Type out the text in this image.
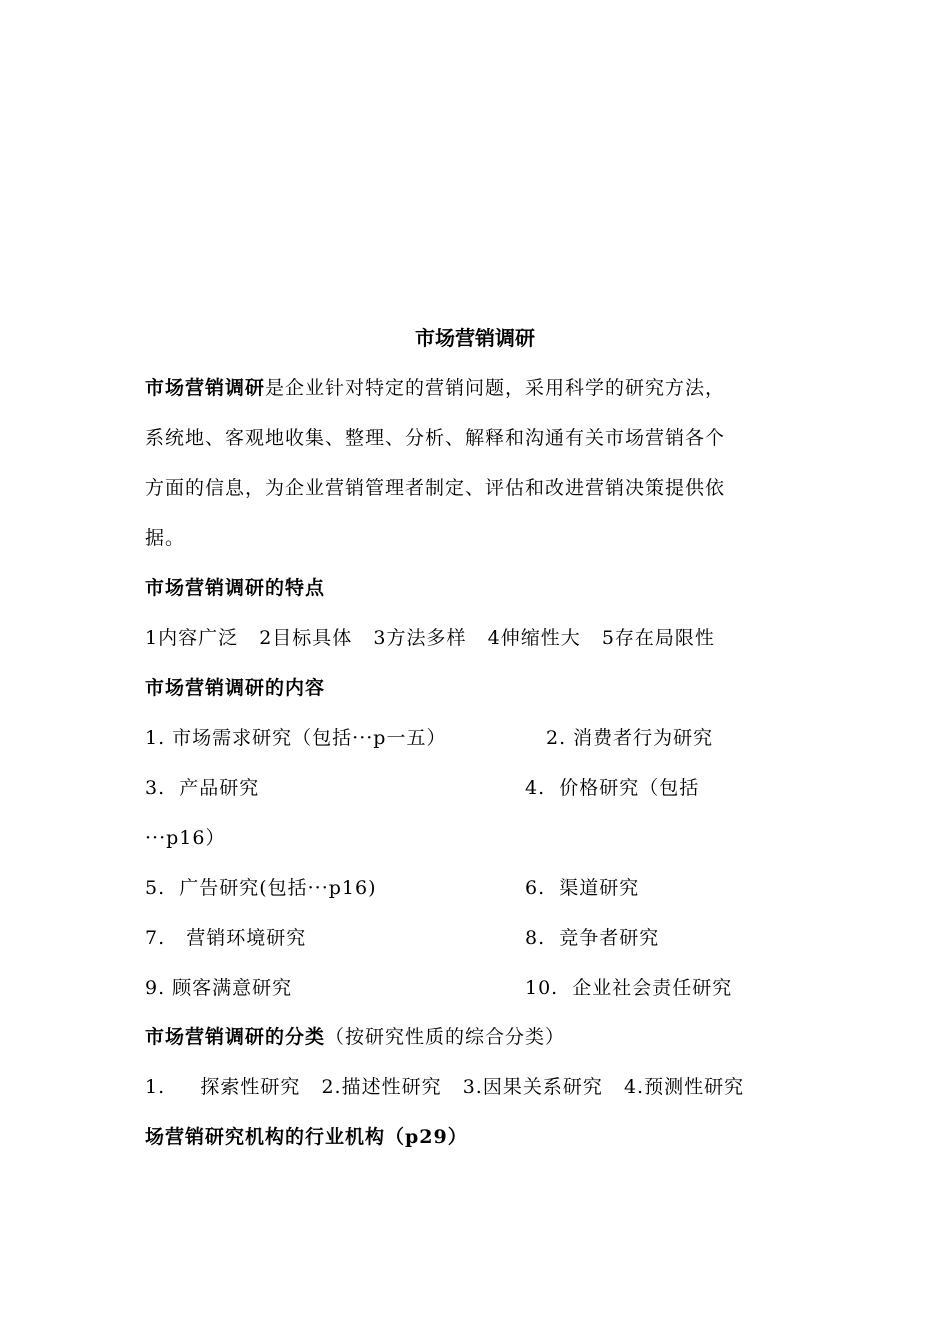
市场营销调研
市场营销调研是企业针对特定的营销问题，采用科学的研究方法，
系统地、客观地收集、整理、分析、解释和沟通有关市场营销各个
方面的信息，为企业营销管理者制定、评估和改进营销决策提供依
据。
市场营销调研的特点
1内容广泛   2目标具体   3方法多样   4伸缩性大   5存在局限性
市场营销调研的内容
1. 市场需求研究（包括···p一五）	2. 消费者行为研究
3.  产品研究	4.  价格研究（包括
···p16）
5.  广告研究(包括···p16)	6.  渠道研究
7.   营销环境研究	8.  竞争者研究
9. 顾客满意研究	10.  企业社会责任研究
市场营销调研的分类（按研究性质的综合分类）
1.     探索性研究   2.描述性研究   3.因果关系研究   4.预测性研究
场营销研究机构的行业机构（p29）
